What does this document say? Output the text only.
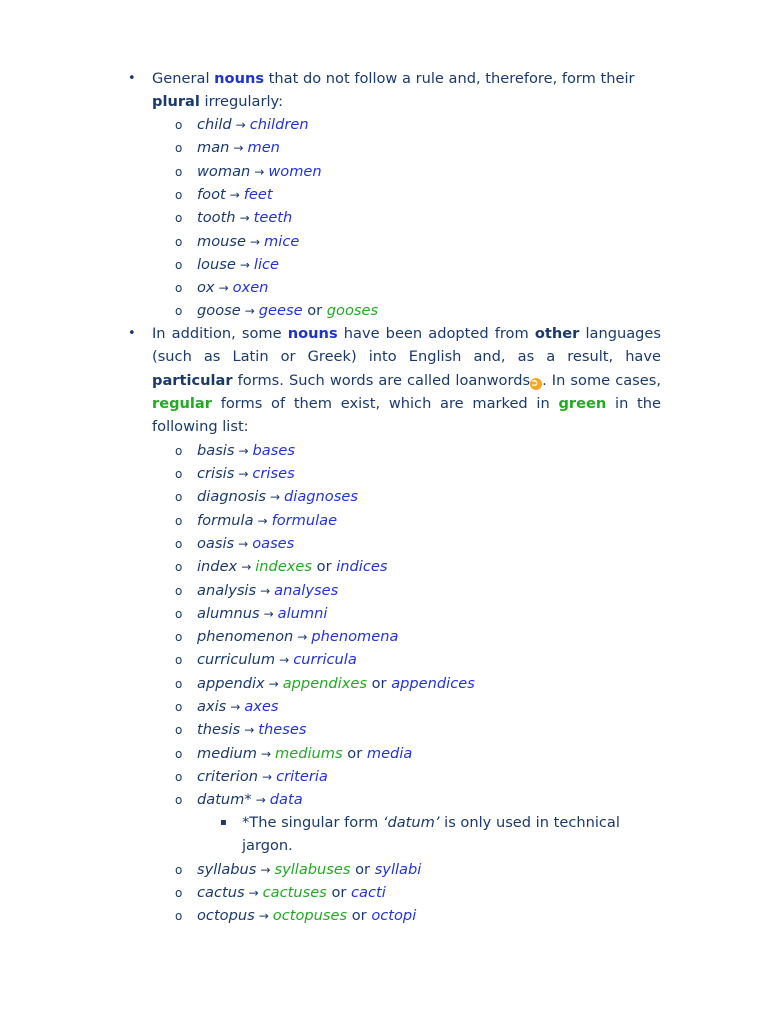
• General nouns that do not follow a rule and, therefore, form their plural irregularly:
o child → children
o man → men
o woman → women
o foot → feet
o tooth → teeth
o mouse → mice
o louse → lice
o ox → oxen
o goose → geese or gooses
• In addition, some nouns have been adopted from other languages (such as Latin or Greek) into English and, as a result, have particular forms. Such words are called loanwords➲ . In some cases, regular forms of them exist, which are marked in green in the following list:
o basis → bases
o crisis → crises
o diagnosis → diagnoses
o formula → formulae
o oasis → oases
o index → indexes or indices
o analysis → analyses
o alumnus → alumni
o phenomenon → phenomena
o curriculum → curricula
o appendix → appendixes or appendices
o axis → axes
o thesis → theses
o medium → mediums or media
o criterion → criteria
o datum* → data
o syllabus → syllabuses or syllabi
o cactus → cactuses or cacti
o octopus → octopuses or octopi
▪ *The singular form ‘datum’ is only used in technical jargon.
